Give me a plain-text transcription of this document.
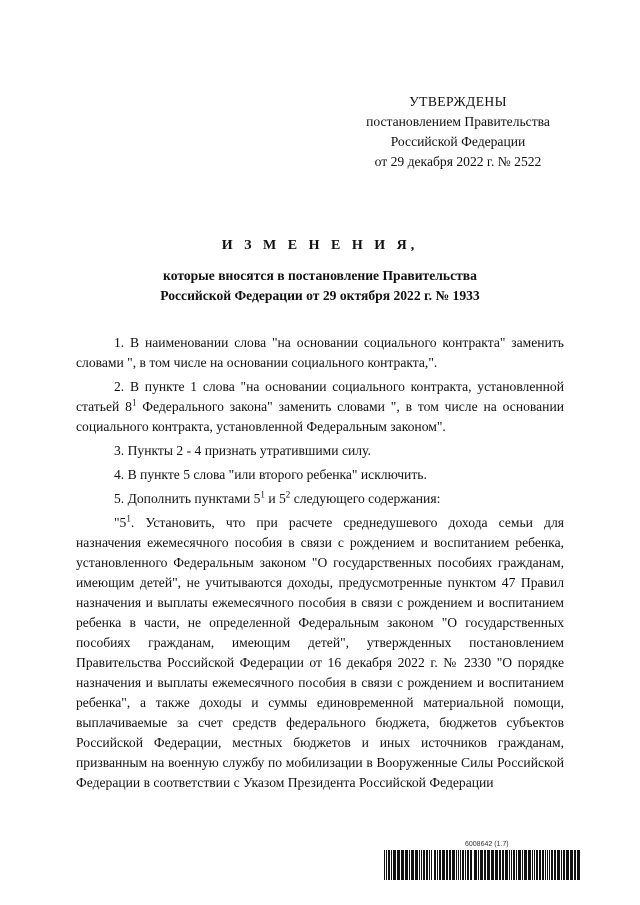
УТВЕРЖДЕНЫ
постановлением Правительства
Российской Федерации
от 29 декабря 2022 г. № 2522
И З М Е Н Е Н И Я,
которые вносятся в постановление Правительства
Российской Федерации от 29 октября 2022 г. № 1933

1. В наименовании слова "на основании социального контракта" заменить словами ", в том числе на основании социального контракта,".

2. В пункте 1 слова "на основании социального контракта, установленной статьей $8^1$ Федерального закона" заменить словами ", в том числе на основании социального контракта, установленной Федеральным законом".

3. Пункты 2 - 4 признать утратившими силу.

4. В пункте 5 слова "или второго ребенка" исключить.

5. Дополнить пунктами $5^1$ и $5^2$ следующего содержания:

"$5^1$. Установить, что при расчете среднедушевого дохода семьи для назначения ежемесячного пособия в связи с рождением и воспитанием ребенка, установленного Федеральным законом "О государственных пособиях гражданам, имеющим детей", не учитываются доходы, предусмотренные пунктом 47 Правил назначения и выплаты ежемесячного пособия в связи с рождением и воспитанием ребенка в части, не определенной Федеральным законом "О государственных пособиях гражданам, имеющим детей", утвержденных постановлением Правительства Российской Федерации от 16 декабря 2022 г. № 2330 "О порядке назначения и выплаты ежемесячного пособия в связи с рождением и воспитанием ребенка", а также доходы и суммы единовременной материальной помощи, выплачиваемые за счет средств федерального бюджета, бюджетов субъектов Российской Федерации, местных бюджетов и иных источников гражданам, призванным на военную службу по мобилизации в Вооруженные Силы Российской Федерации в соответствии с Указом Президента Российской Федерации

6008642 (1.7)
